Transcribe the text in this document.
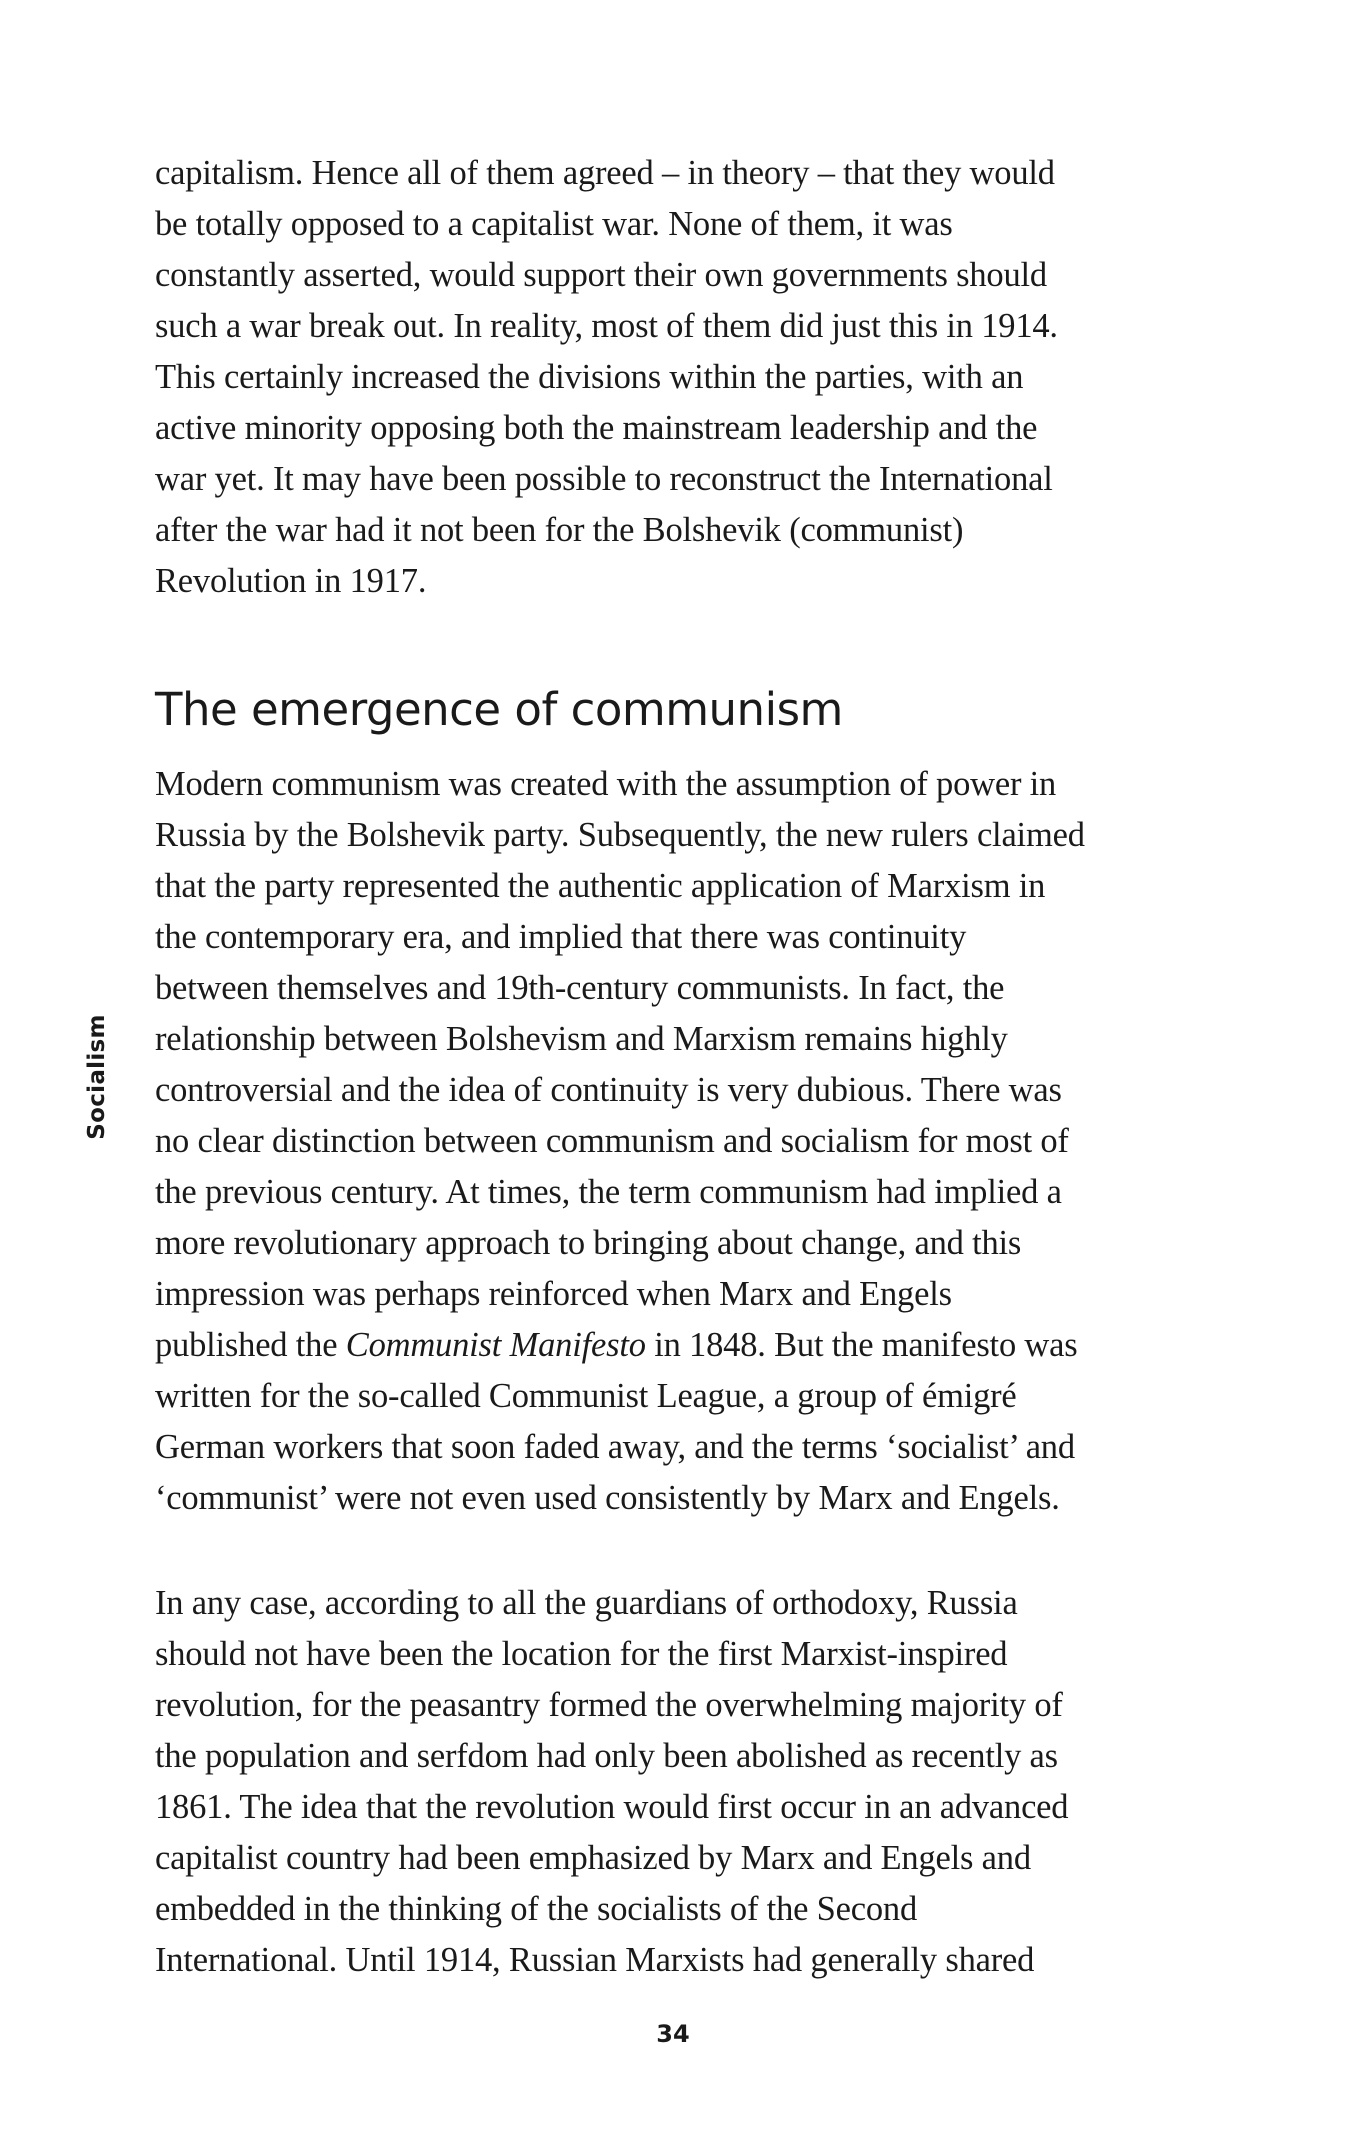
Socialism

capitalism. Hence all of them agreed – in theory – that they would
be totally opposed to a capitalist war. None of them, it was
constantly asserted, would support their own governments should
such a war break out. In reality, most of them did just this in 1914.
This certainly increased the divisions within the parties, with an
active minority opposing both the mainstream leadership and the
war yet. It may have been possible to reconstruct the International
after the war had it not been for the Bolshevik (communist)
Revolution in 1917.

The emergence of communism

Modern communism was created with the assumption of power in
Russia by the Bolshevik party. Subsequently, the new rulers claimed
that the party represented the authentic application of Marxism in
the contemporary era, and implied that there was continuity
between themselves and 19th-century communists. In fact, the
relationship between Bolshevism and Marxism remains highly
controversial and the idea of continuity is very dubious. There was
no clear distinction between communism and socialism for most of
the previous century. At times, the term communism had implied a
more revolutionary approach to bringing about change, and this
impression was perhaps reinforced when Marx and Engels
published the Communist Manifesto in 1848. But the manifesto was
written for the so-called Communist League, a group of émigré
German workers that soon faded away, and the terms ‘socialist’ and
‘communist’ were not even used consistently by Marx and Engels.

In any case, according to all the guardians of orthodoxy, Russia
should not have been the location for the first Marxist-inspired
revolution, for the peasantry formed the overwhelming majority of
the population and serfdom had only been abolished as recently as
1861. The idea that the revolution would first occur in an advanced
capitalist country had been emphasized by Marx and Engels and
embedded in the thinking of the socialists of the Second
International. Until 1914, Russian Marxists had generally shared

34
